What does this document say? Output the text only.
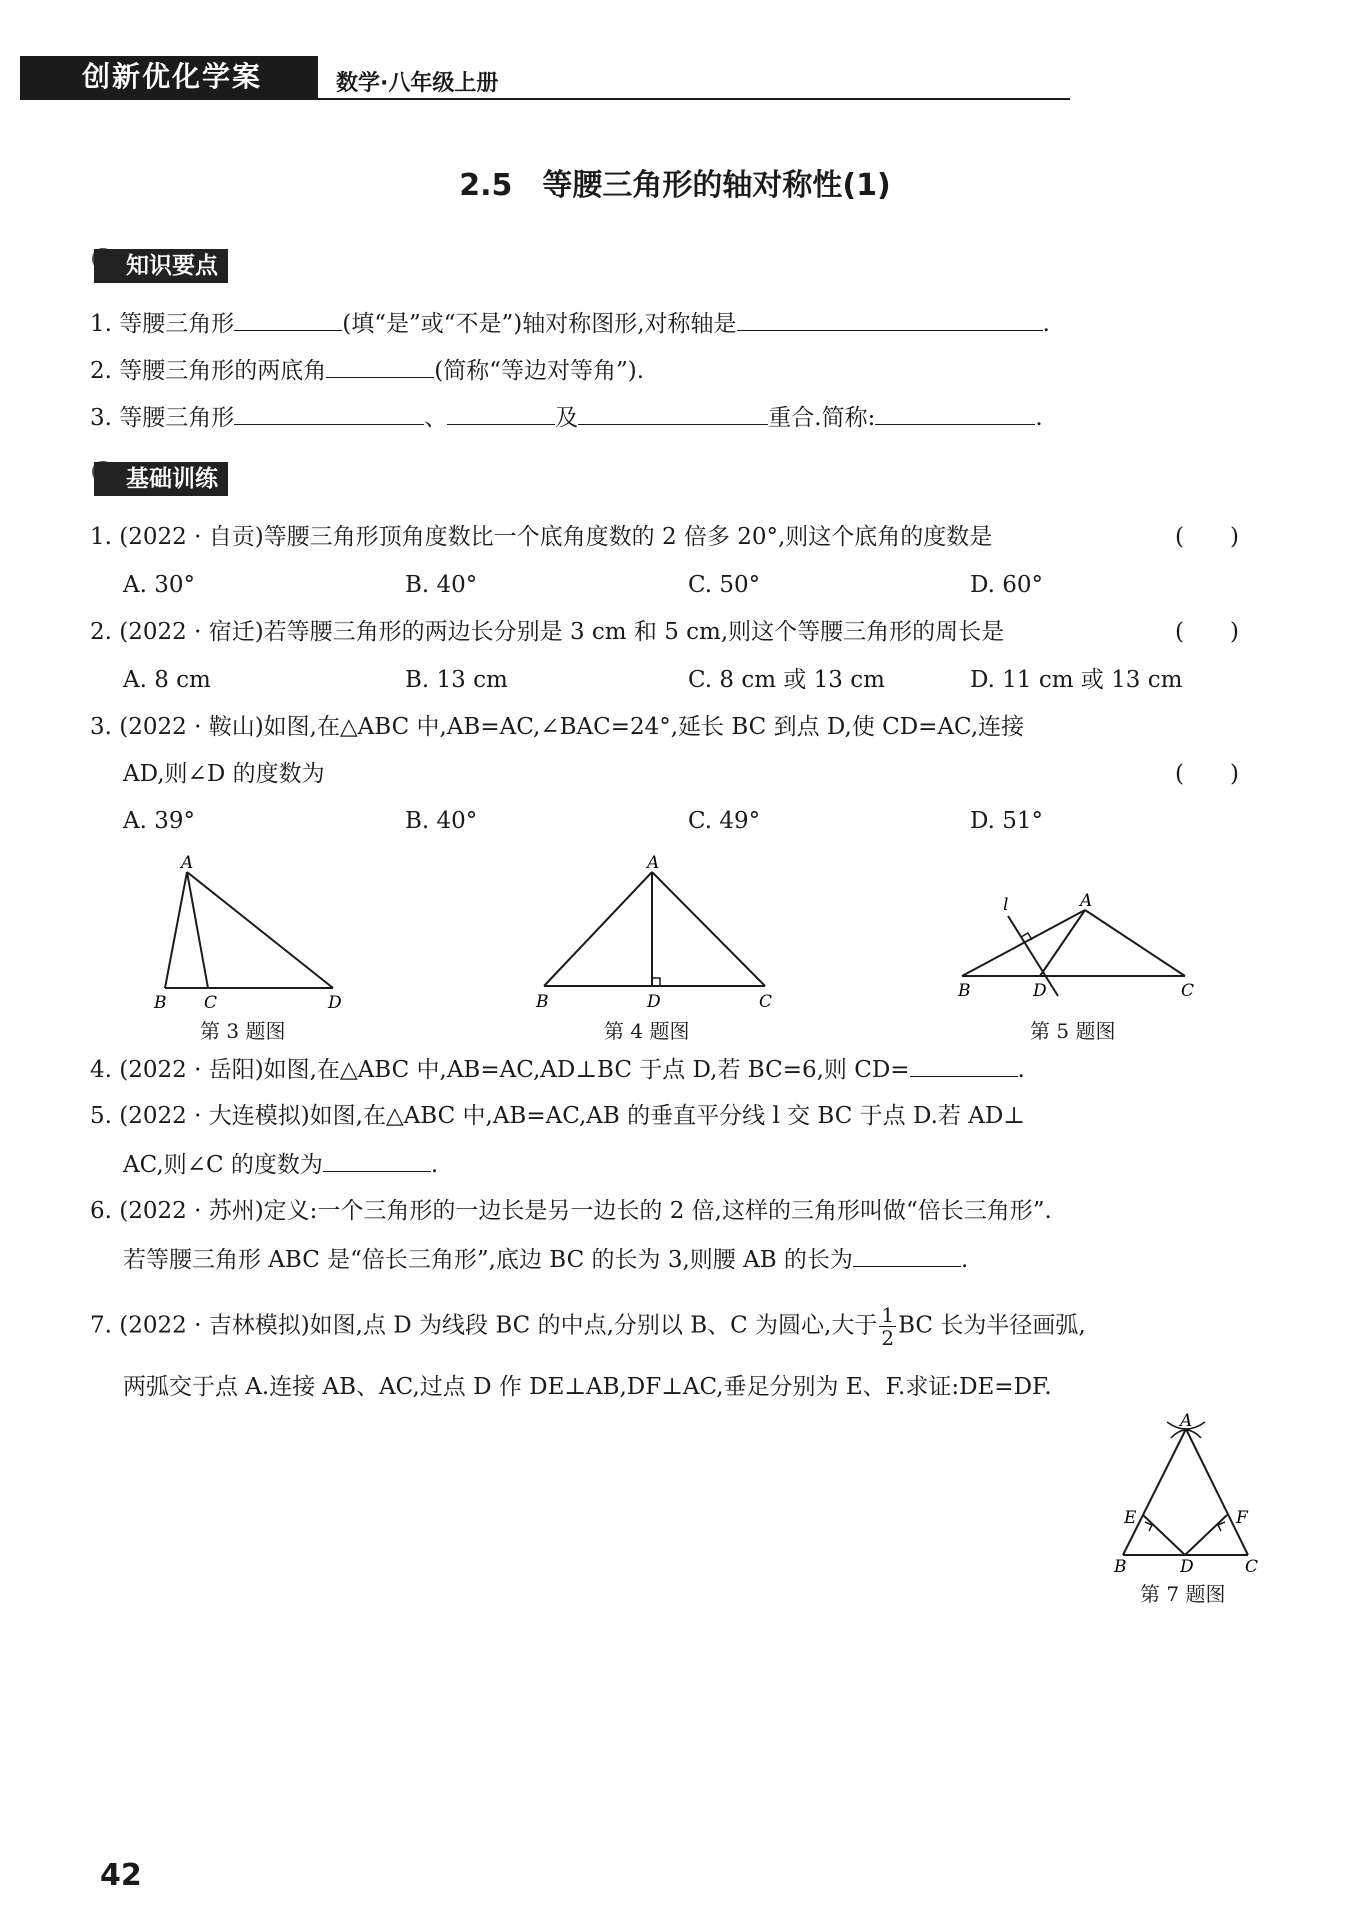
创新优化学案	数学·八年级上册
2.5　等腰三角形的轴对称性(1)
知识要点
1. 等腰三角形	(填“是”或“不是”)轴对称图形,对称轴是	.
2. 等腰三角形的两底角	(简称“等边对等角”).
3. 等腰三角形	、	及	重合.简称:	.
基础训练
1. (2022 · 自贡)等腰三角形顶角度数比一个底角度数的 2 倍多 20°,则这个底角的度数是	(　　)
A. 30°	B. 40°	C. 50°	D. 60°
2. (2022 · 宿迁)若等腰三角形的两边长分别是 3 cm 和 5 cm,则这个等腰三角形的周长是	(　　)
A. 8 cm	B. 13 cm	C. 8 cm 或 13 cm	D. 11 cm 或 13 cm
3. (2022 · 鞍山)如图,在△ABC 中,AB=AC,∠BAC=24°,延长 BC 到点 D,使 CD=AC,连接
AD,则∠D 的度数为	(　　)
A. 39°	B. 40°	C. 49°	D. 51°
A
B C	D
第 3 题图
A
B	D	C
第 4 题图
l	A
B	D	C
第 5 题图
4. (2022 · 岳阳)如图,在△ABC 中,AB=AC,AD⊥BC 于点 D,若 BC=6,则 CD=	.
5. (2022 · 大连模拟)如图,在△ABC 中,AB=AC,AB 的垂直平分线 l 交 BC 于点 D.若 AD⊥
AC,则∠C 的度数为	.
6. (2022 · 苏州)定义:一个三角形的一边长是另一边长的 2 倍,这样的三角形叫做“倍长三角形”.
若等腰三角形 ABC 是“倍长三角形”,底边 BC 的长为 3,则腰 AB 的长为	.
7. (2022 · 吉林模拟)如图,点 D 为线段 BC 的中点,分别以 B、C 为圆心,大于 $\frac{1}{2}$ BC 长为半径画弧,
两弧交于点 A.连接 AB、AC,过点 D 作 DE⊥AB,DF⊥AC,垂足分别为 E、F.求证:DE=DF.
A
E	F
B	D	C
第 7 题图
42
